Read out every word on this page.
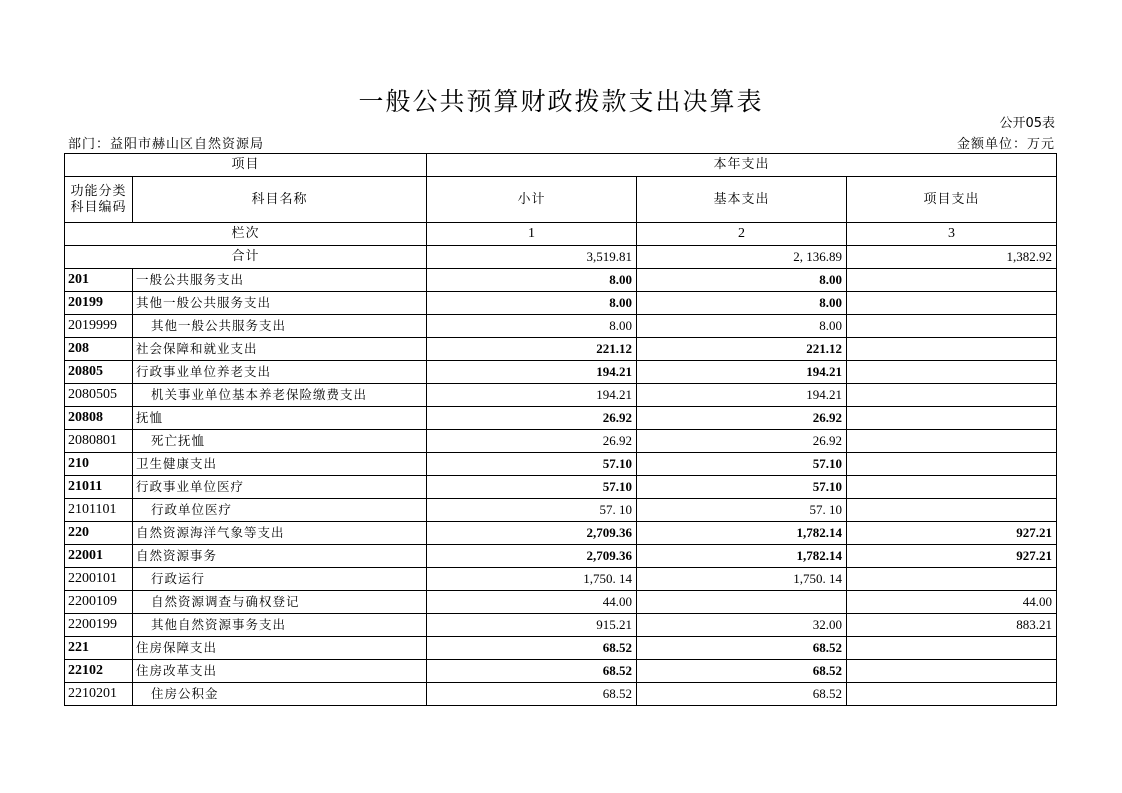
一般公共预算财政拨款支出决算表
公开05表
部门：益阳市赫山区自然资源局	金额单位：万元
项目		本年支出		
功能分类科目编码	科目名称	小计	基本支出	项目支出
栏次		1	2	3
合计		3,519.81	2, 136.89	1,382.92
201	一般公共服务支出	8.00	8.00	
20199	其他一般公共服务支出	8.00	8.00	
2019999	其他一般公共服务支出	8.00	8.00	
208	社会保障和就业支出	221.12	221.12	
20805	行政事业单位养老支出	194.21	194.21	
2080505	机关事业单位基本养老保险缴费支出	194.21	194.21	
20808	抚恤	26.92	26.92	
2080801	死亡抚恤	26.92	26.92	
210	卫生健康支出	57.10	57.10	
21011	行政事业单位医疗	57.10	57.10	
2101101	行政单位医疗	57. 10	57. 10	
220	自然资源海洋气象等支出	2,709.36	1,782.14	927.21
22001	自然资源事务	2,709.36	1,782.14	927.21
2200101	行政运行	1,750. 14	1,750. 14	
2200109	自然资源调查与确权登记	44.00		44.00
2200199	其他自然资源事务支出	915.21	32.00	883.21
221	住房保障支出	68.52	68.52	
22102	住房改革支出	68.52	68.52	
2210201	住房公积金	68.52	68.52	
